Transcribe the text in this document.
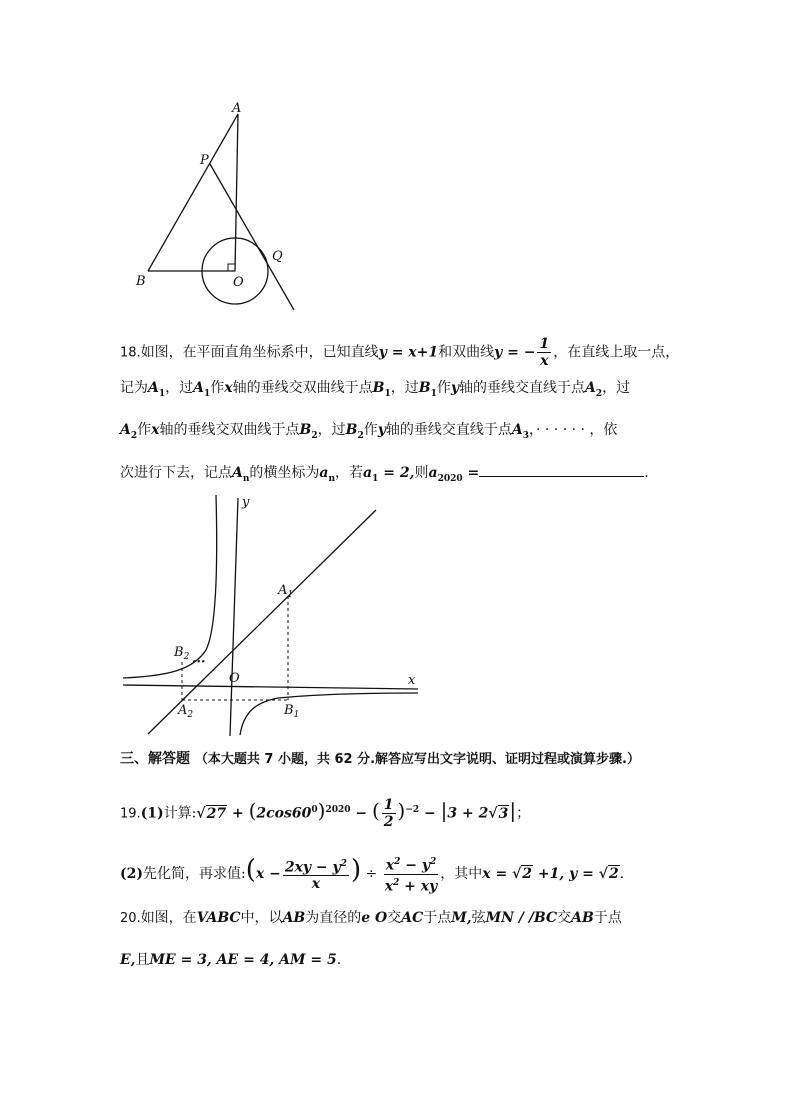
A
P
Q
B	O
18.如图，在平面直角坐标系中，已知直线y = x+1和双曲线y = − $\frac{1}{x}$ ，在直线上取一点，
记为$A_1$，过$A_1$作x轴的垂线交双曲线于点$B_1$，过$B_1$作y轴的垂线交直线于点$A_2$，过
$A_2$作x轴的垂线交双曲线于点$B_2$，过$B_2$作y轴的垂线交直线于点$A_3$，· · · · · · ，依
次进行下去，记点$A_n$的横坐标为$a_n$，若$a_1 = 2$,则$a_{2020}$ =	.
y
x
O
$A_1$
$B_1$
$A_2$
$B_2$ ···
三、解答题 （本大题共 7 小题，共 62 分.解答应写出文字说明、证明过程或演算步骤.）
19.(1)计算:√27 + $(2\cos 60^0)^{2020}$ − ( $\frac{1}{2} )^{-2} - |3 + 2√3|$；
(2)先化简，再求值:(x − $\frac{2xy - y^2}{x}$ ) ÷ $\frac{x^2 - y^2}{x^2 + xy}$ ，其中x = √2 +1, y = √2.
20.如图，在VABC中，以AB为直径的e O交AC于点M,弦MN / /BC交AB于点
E,且ME = 3, AE = 4, AM = 5.
